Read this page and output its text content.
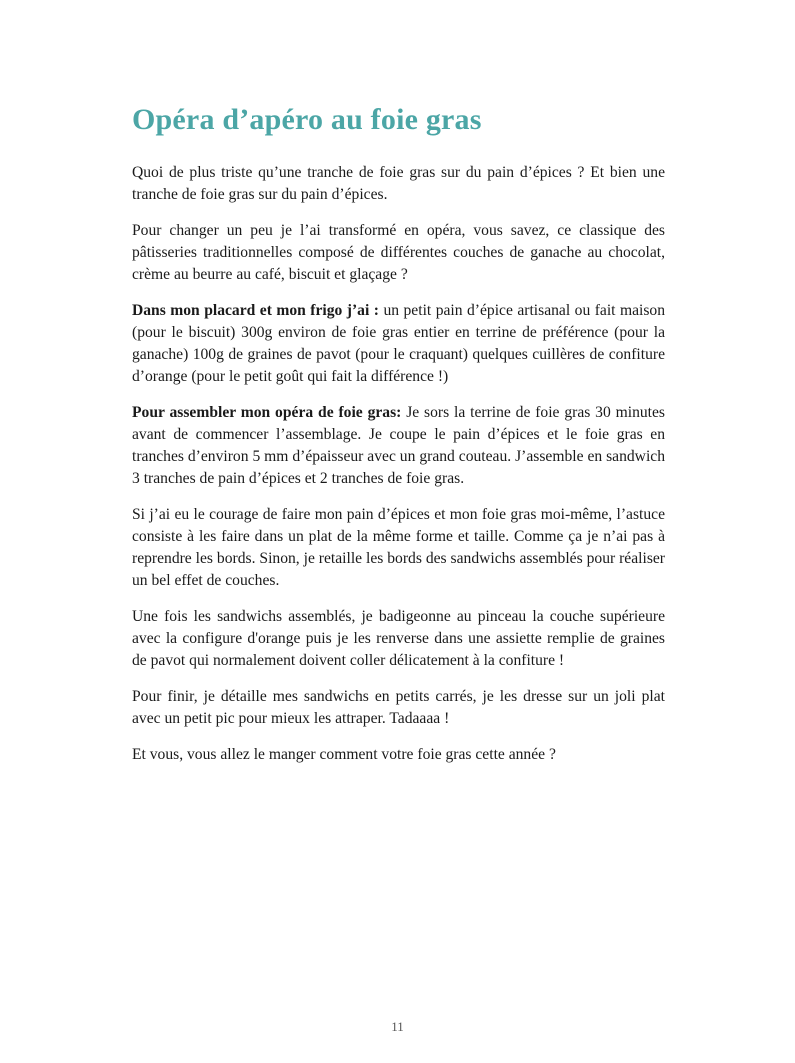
Opéra d’apéro au foie gras

Quoi de plus triste qu’une tranche de foie gras sur du pain d’épices ? Et bien une tranche de foie gras sur du pain d’épices.

Pour changer un peu je l’ai transformé en opéra, vous savez, ce classique des pâtisseries traditionnelles composé de différentes couches de ganache au chocolat, crème au beurre au café, biscuit et glaçage ?

Dans mon placard et mon frigo j’ai : un petit pain d’épice artisanal ou fait maison (pour le biscuit) 300g environ de foie gras entier en terrine de préférence (pour la ganache) 100g de graines de pavot (pour le craquant) quelques cuillères de confiture d’orange (pour le petit goût qui fait la différence !)

Pour assembler mon opéra de foie gras: Je sors la terrine de foie gras 30 minutes avant de commencer l’assemblage. Je coupe le pain d’épices et le foie gras en tranches d’environ 5 mm d’épaisseur avec un grand couteau. J’assemble en sandwich 3 tranches de pain d’épices et 2 tranches de foie gras.

Si j’ai eu le courage de faire mon pain d’épices et mon foie gras moi-même, l’astuce consiste à les faire dans un plat de la même forme et taille. Comme ça je n’ai pas à reprendre les bords. Sinon, je retaille les bords des sandwichs assemblés pour réaliser un bel effet de couches.

Une fois les sandwichs assemblés, je badigeonne au pinceau la couche supérieure avec la configure d'orange puis je les renverse dans une assiette remplie de graines de pavot qui normalement doivent coller délicatement à la confiture !

Pour finir, je détaille mes sandwichs en petits carrés, je les dresse sur un joli plat avec un petit pic pour mieux les attraper. Tadaaaa !

Et vous, vous allez le manger comment votre foie gras cette année ?

11
